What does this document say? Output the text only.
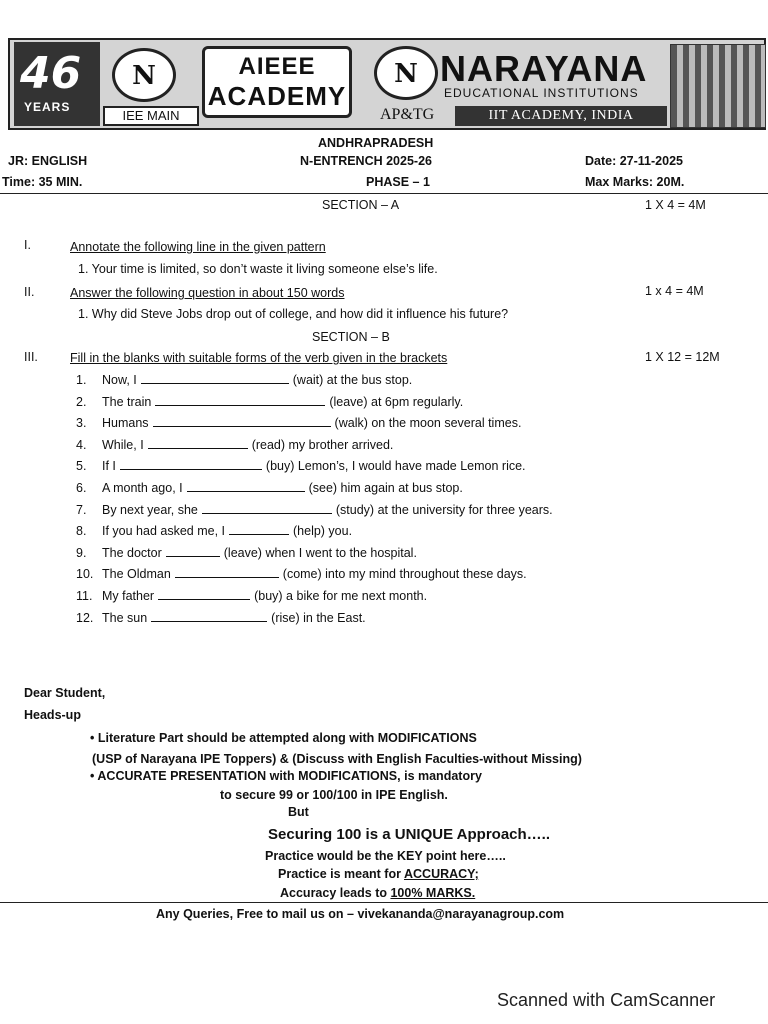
46
YEARS
N
IEE MAIN
AIEEE
ACADEMY
N NARAYANA
EDUCATIONAL INSTITUTIONS
AP&TG	IIT ACADEMY, INDIA
ANDHRAPRADESH
JR: ENGLISH	N-ENTRENCH 2025-26	Date: 27-11-2025
Time: 35 MIN.	PHASE – 1	Max Marks: 20M.
SECTION – A	1 X 4 = 4M
I.	Annotate the following line in the given pattern
1. Your time is limited, so don’t waste it living someone else’s life.
II.	Answer the following question in about 150 words	1 x 4 = 4M
1. Why did Steve Jobs drop out of college, and how did it influence his future?
SECTION – B
III.	Fill in the blanks with suitable forms of the verb given in the brackets	1 X 12 = 12M
1. Now, I	(wait) at the bus stop.
2. The train	(leave) at 6pm regularly.
3. Humans	(walk) on the moon several times.
4. While, I	(read) my brother arrived.
5. If I	(buy) Lemon’s, I would have made Lemon rice.
6. A month ago, I	(see) him again at bus stop.
7. By next year, she	(study) at the university for three years.
8. If you had asked me, I	(help) you.
9. The doctor	(leave) when I went to the hospital.
10. The Oldman	(come) into my mind throughout these days.
11. My father	(buy) a bike for me next month.
12. The sun	(rise) in the East.
Dear Student,
Heads-up
• Literature Part should be attempted along with MODIFICATIONS
(USP of Narayana IPE Toppers) & (Discuss with English Faculties-without Missing)
• ACCURATE PRESENTATION with MODIFICATIONS, is mandatory
to secure 99 or 100/100 in IPE English.
But
Securing 100 is a UNIQUE Approach…..
Practice would be the KEY point here…..
Practice is meant for ACCURACY;
Accuracy leads to 100% MARKS.
Any Queries, Free to mail us on – vivekananda@narayanagroup.com
Scanned with CamScanner
